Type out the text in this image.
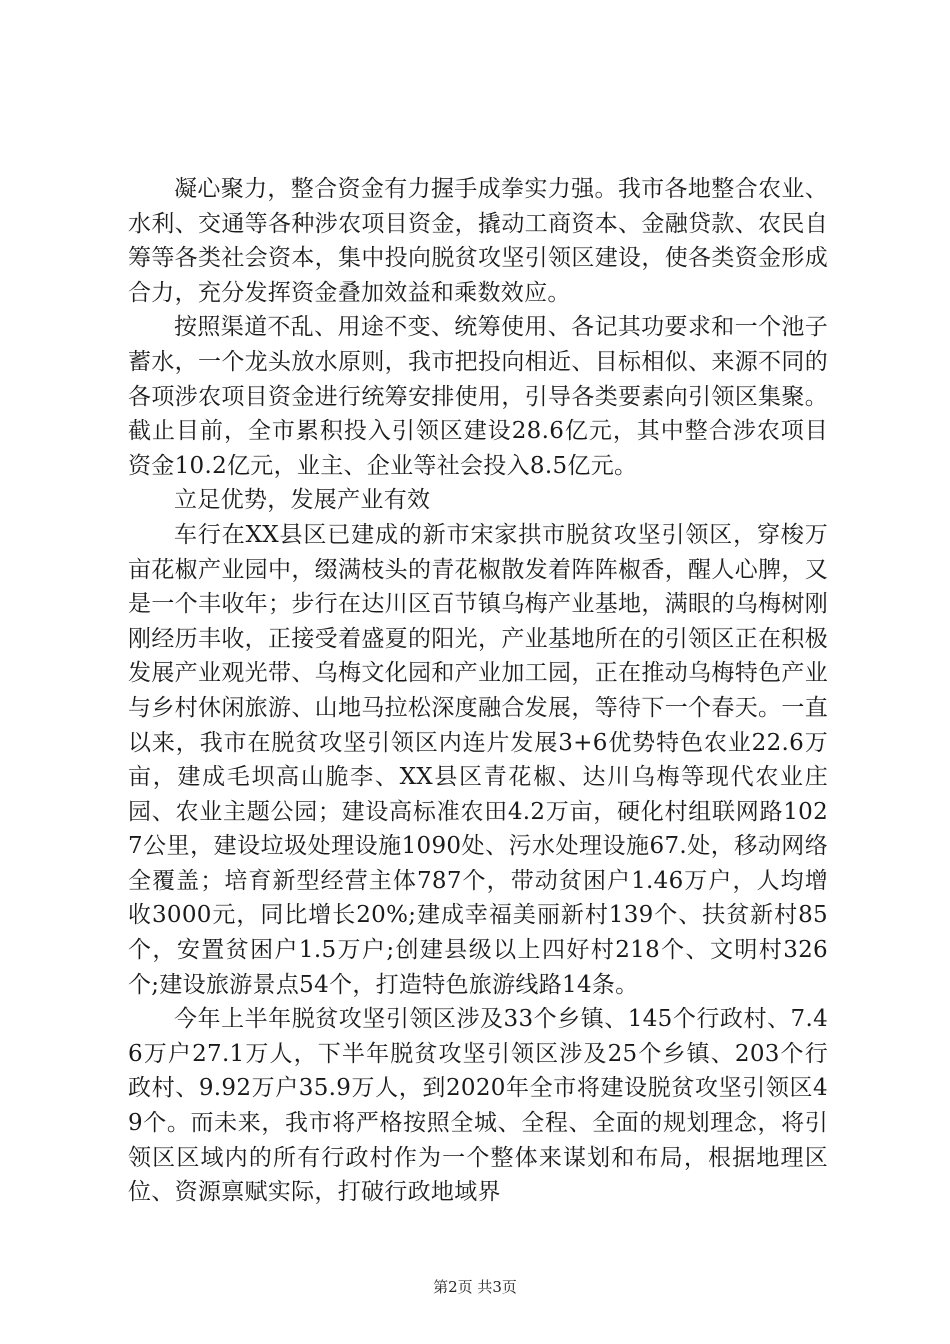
凝心聚力，整合资金有力握手成拳实力强。我市各地整合农业、水利、交通等各种涉农项目资金，撬动工商资本、金融贷款、农民自筹等各类社会资本，集中投向脱贫攻坚引领区建设，使各类资金形成合力，充分发挥资金叠加效益和乘数效应。

按照渠道不乱、用途不变、统筹使用、各记其功要求和一个池子蓄水，一个龙头放水原则，我市把投向相近、目标相似、来源不同的各项涉农项目资金进行统筹安排使用，引导各类要素向引领区集聚。截止目前，全市累积投入引领区建设28.6亿元，其中整合涉农项目资金10.2亿元，业主、企业等社会投入8.5亿元。

立足优势，发展产业有效

车行在XX县区已建成的新市宋家拱市脱贫攻坚引领区，穿梭万亩花椒产业园中，缀满枝头的青花椒散发着阵阵椒香，醒人心脾，又是一个丰收年；步行在达川区百节镇乌梅产业基地，满眼的乌梅树刚刚经历丰收，正接受着盛夏的阳光，产业基地所在的引领区正在积极发展产业观光带、乌梅文化园和产业加工园，正在推动乌梅特色产业与乡村休闲旅游、山地马拉松深度融合发展，等待下一个春天。一直以来，我市在脱贫攻坚引领区内连片发展3+6优势特色农业22.6万亩，建成毛坝高山脆李、XX县区青花椒、达川乌梅等现代农业庄园、农业主题公园；建设高标准农田4.2万亩，硬化村组联网路1027公里，建设垃圾处理设施1090处、污水处理设施67.处，移动网络全覆盖；培育新型经营主体787个，带动贫困户1.46万户，人均增收3000元，同比增长20%;建成幸福美丽新村139个、扶贫新村85个，安置贫困户1.5万户;创建县级以上四好村218个、文明村326个;建设旅游景点54个，打造特色旅游线路14条。

今年上半年脱贫攻坚引领区涉及33个乡镇、145个行政村、7.46万户27.1万人，下半年脱贫攻坚引领区涉及25个乡镇、203个行政村、9.92万户35.9万人，到2020年全市将建设脱贫攻坚引领区49个。而未来，我市将严格按照全城、全程、全面的规划理念，将引领区区域内的所有行政村作为一个整体来谋划和布局，根据地理区位、资源禀赋实际，打破行政地域界

第2页 共3页
